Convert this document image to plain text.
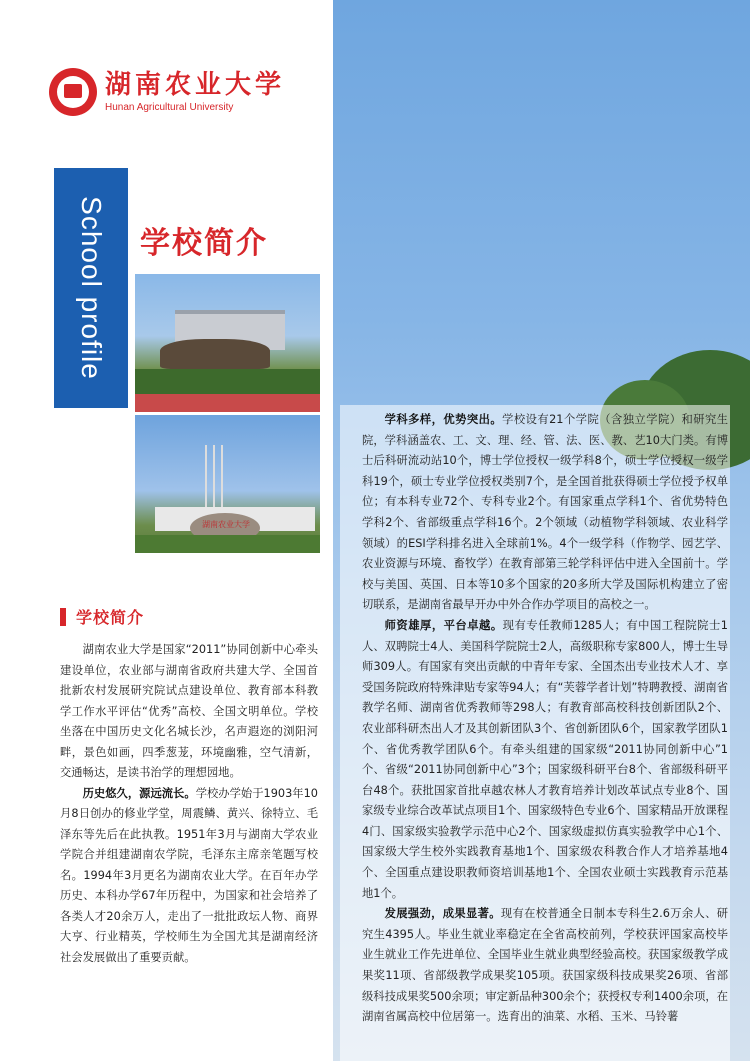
湖南农业大学
Hunan Agricultural University
School profile 学校简介
湖南农业大学
学校简介

湖南农业大学是国家“2011”协同创新中心牵头建设单位，农业部与湖南省政府共建大学、全国首批新农村发展研究院试点建设单位、教育部本科教学工作水平评估“优秀”高校、全国文明单位。学校坐落在中国历史文化名城长沙，名声遐迩的浏阳河畔，景色如画，四季葱茏，环境幽雅，空气清新，交通畅达，是读书治学的理想园地。

历史悠久，源远流长。学校办学始于1903年10月8日创办的修业学堂，周震鳞、黄兴、徐特立、毛泽东等先后在此执教。1951年3月与湖南大学农业学院合并组建湖南农学院，毛泽东主席亲笔题写校名。1994年3月更名为湖南农业大学。在百年办学历史、本科办学67年历程中，为国家和社会培养了各类人才20余万人，走出了一批批政坛人物、商界大亨、行业精英，学校师生为全国尤其是湖南经济社会发展做出了重要贡献。

学科多样，优势突出。学校设有21个学院（含独立学院）和研究生院，学科涵盖农、工、文、理、经、管、法、医、教、艺10大门类。有博士后科研流动站10个，博士学位授权一级学科8个，硕士学位授权一级学科19个，硕士专业学位授权类别7个，是全国首批获得硕士学位授予权单位；有本科专业72个、专科专业2个。有国家重点学科1个、省优势特色学科2个、省部级重点学科16个。2个领域（动植物学科领域、农业科学领域）的ESI学科排名进入全球前1%。4个一级学科（作物学、园艺学、农业资源与环境、畜牧学）在教育部第三轮学科评估中进入全国前十。学校与美国、英国、日本等10多个国家的20多所大学及国际机构建立了密切联系，是湖南省最早开办中外合作办学项目的高校之一。

师资雄厚，平台卓越。现有专任教师1285人；有中国工程院院士1人、双聘院士4人、美国科学院院士2人，高级职称专家800人，博士生导师309人。有国家有突出贡献的中青年专家、全国杰出专业技术人才、享受国务院政府特殊津贴专家等94人；有“芙蓉学者计划”特聘教授、湖南省教学名师、湖南省优秀教师等298人；有教育部高校科技创新团队2个、农业部科研杰出人才及其创新团队3个、省创新团队6个，国家教学团队1个、省优秀教学团队6个。有牵头组建的国家级“2011协同创新中心”1个、省级“2011协同创新中心”3个；国家级科研平台8个、省部级科研平台48个。获批国家首批卓越农林人才教育培养计划改革试点专业8个、国家级专业综合改革试点项目1个、国家级特色专业6个、国家精品开放课程4门、国家级实验教学示范中心2个、国家级虚拟仿真实验教学中心1个、国家级大学生校外实践教育基地1个、国家级农科教合作人才培养基地4个、全国重点建设职教师资培训基地1个、全国农业硕士实践教育示范基地1个。

发展强劲，成果显著。现有在校普通全日制本专科生2.6万余人、研究生4395人。毕业生就业率稳定在全省高校前列，学校获评国家高校毕业生就业工作先进单位、全国毕业生就业典型经验高校。获国家级教学成果奖11项、省部级教学成果奖105项。获国家级科技成果奖26项、省部级科技成果奖500余项；审定新品种300余个；获授权专利1400余项，在湖南省属高校中位居第一。选育出的油菜、水稻、玉米、马铃薯
